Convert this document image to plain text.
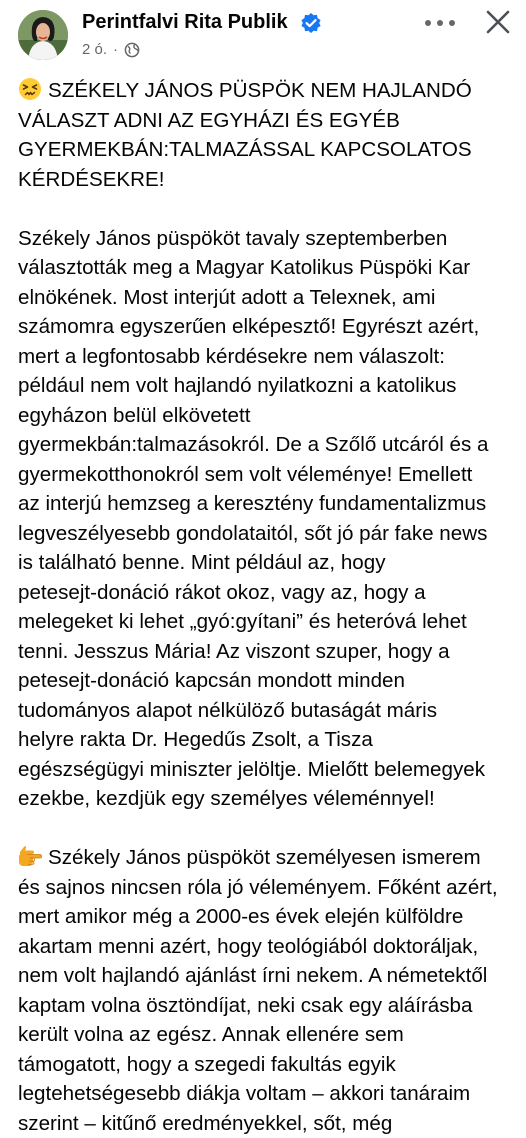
Perintfalvi Rita Publik
2 ó. ·
SZÉKELY JÁNOS PÜSPÖK NEM HAJLANDÓ
VÁLASZT ADNI AZ EGYHÁZI ÉS EGYÉB
GYERMEKBÁN:TALMAZÁSSAL KAPCSOLATOS
KÉRDÉSEKRE!
Székely János püspököt tavaly szeptemberben
választották meg a Magyar Katolikus Püspöki Kar
elnökének. Most interjút adott a Telexnek, ami
számomra egyszerűen elképesztő! Egyrészt azért,
mert a legfontosabb kérdésekre nem válaszolt:
például nem volt hajlandó nyilatkozni a katolikus
egyházon belül elkövetett
gyermekbán:talmazásokról. De a Szőlő utcáról és a
gyermekotthonokról sem volt véleménye! Emellett
az interjú hemzseg a keresztény fundamentalizmus
legveszélyesebb gondolataitól, sőt jó pár fake news
is található benne. Mint például az, hogy
petesejt-donáció rákot okoz, vagy az, hogy a
melegeket ki lehet „gyó:gyítani” és heteróvá lehet
tenni. Jesszus Mária! Az viszont szuper, hogy a
petesejt-donáció kapcsán mondott minden
tudományos alapot nélkülöző butaságát máris
helyre rakta Dr. Hegedűs Zsolt, a Tisza
egészségügyi miniszter jelöltje. Mielőtt belemegyek
ezekbe, kezdjük egy személyes véleménnyel!
Székely János püspököt személyesen ismerem
és sajnos nincsen róla jó véleményem. Főként azért,
mert amikor még a 2000-es évek elején külföldre
akartam menni azért, hogy teológiából doktoráljak,
nem volt hajlandó ajánlást írni nekem. A németektől
kaptam volna ösztöndíjat, neki csak egy aláírásba
került volna az egész. Annak ellenére sem
támogatott, hogy a szegedi fakultás egyik
legtehetségesebb diákja voltam – akkori tanáraim
szerint – kitűnő eredményekkel, sőt, még
